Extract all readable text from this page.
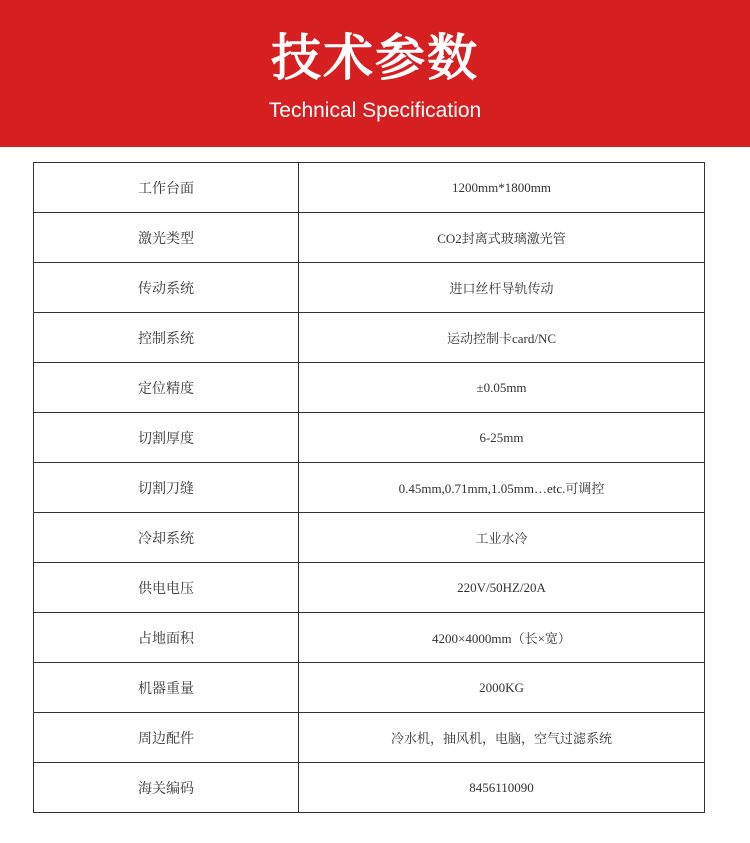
技术参数
Technical Specification
工作台面	1200mm*1800mm
激光类型	CO2封离式玻璃激光管
传动系统	进口丝杆导轨传动
控制系统	运动控制卡card/NC
定位精度	±0.05mm
切割厚度	6-25mm
切割刀缝	0.45mm,0.71mm,1.05mm…etc.可调控
冷却系统	工业水冷
供电电压	220V/50HZ/20A
占地面积	4200×4000mm（长×宽）
机器重量	2000KG
周边配件	冷水机，抽风机，电脑，空气过滤系统
海关编码	8456110090
